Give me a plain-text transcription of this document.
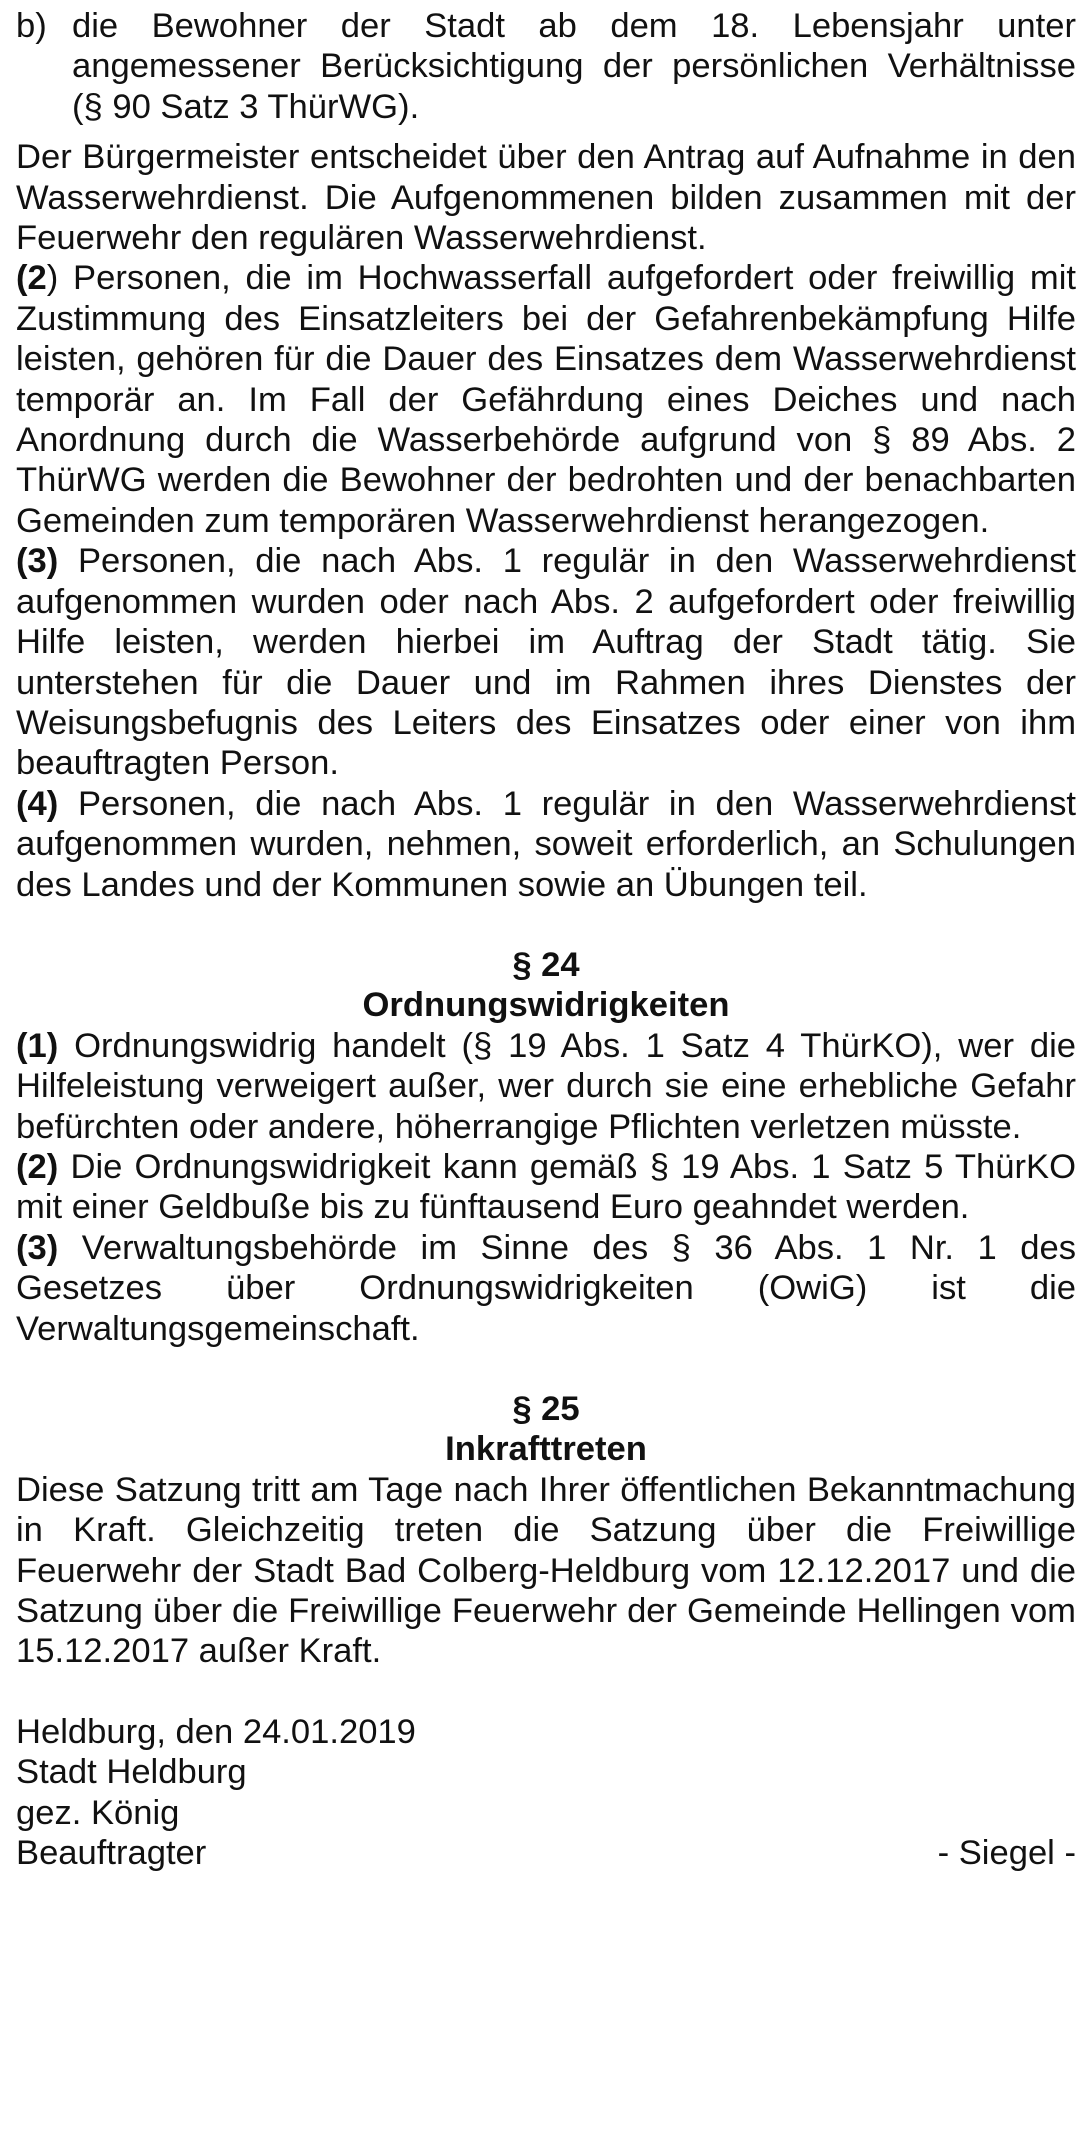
b) die Bewohner der Stadt ab dem 18. Lebensjahr unter angemessener Berücksichtigung der persönlichen Verhältnisse (§ 90 Satz 3 ThürWG).

Der Bürgermeister entscheidet über den Antrag auf Aufnahme in den Wasserwehrdienst. Die Aufgenommenen bilden zusammen mit der Feuerwehr den regulären Wasserwehrdienst.

(2) Personen, die im Hochwasserfall aufgefordert oder freiwillig mit Zustimmung des Einsatzleiters bei der Gefahrenbekämpfung Hilfe leisten, gehören für die Dauer des Einsatzes dem Wasserwehrdienst temporär an. Im Fall der Gefährdung eines Deiches und nach Anordnung durch die Wasserbehörde aufgrund von § 89 Abs. 2 ThürWG werden die Bewohner der bedrohten und der benachbarten Gemeinden zum temporären Wasserwehrdienst herangezogen.

(3) Personen, die nach Abs. 1 regulär in den Wasserwehrdienst aufgenommen wurden oder nach Abs. 2 aufgefordert oder freiwillig Hilfe leisten, werden hierbei im Auftrag der Stadt tätig. Sie unterstehen für die Dauer und im Rahmen ihres Dienstes der Weisungsbefugnis des Leiters des Einsatzes oder einer von ihm beauftragten Person.

(4) Personen, die nach Abs. 1 regulär in den Wasserwehrdienst aufgenommen wurden, nehmen, soweit erforderlich, an Schulungen des Landes und der Kommunen sowie an Übungen teil.

§ 24

Ordnungswidrigkeiten

(1) Ordnungswidrig handelt (§ 19 Abs. 1 Satz 4 ThürKO), wer die Hilfeleistung verweigert außer, wer durch sie eine erhebliche Gefahr befürchten oder andere, höherrangige Pflichten verletzen müsste.

(2) Die Ordnungswidrigkeit kann gemäß § 19 Abs. 1 Satz 5 ThürKO mit einer Geldbuße bis zu fünftausend Euro geahndet werden.

(3) Verwaltungsbehörde im Sinne des § 36 Abs. 1 Nr. 1 des Gesetzes über Ordnungswidrigkeiten (OwiG) ist die Verwaltungsgemeinschaft.

§ 25

Inkrafttreten

Diese Satzung tritt am Tage nach Ihrer öffentlichen Bekanntmachung in Kraft. Gleichzeitig treten die Satzung über die Freiwillige Feuerwehr der Stadt Bad Colberg-Heldburg vom 12.12.2017 und die Satzung über die Freiwillige Feuerwehr der Gemeinde Hellingen vom 15.12.2017 außer Kraft.

Heldburg, den 24.01.2019
Stadt Heldburg
gez. König
Beauftragter	- Siegel -
